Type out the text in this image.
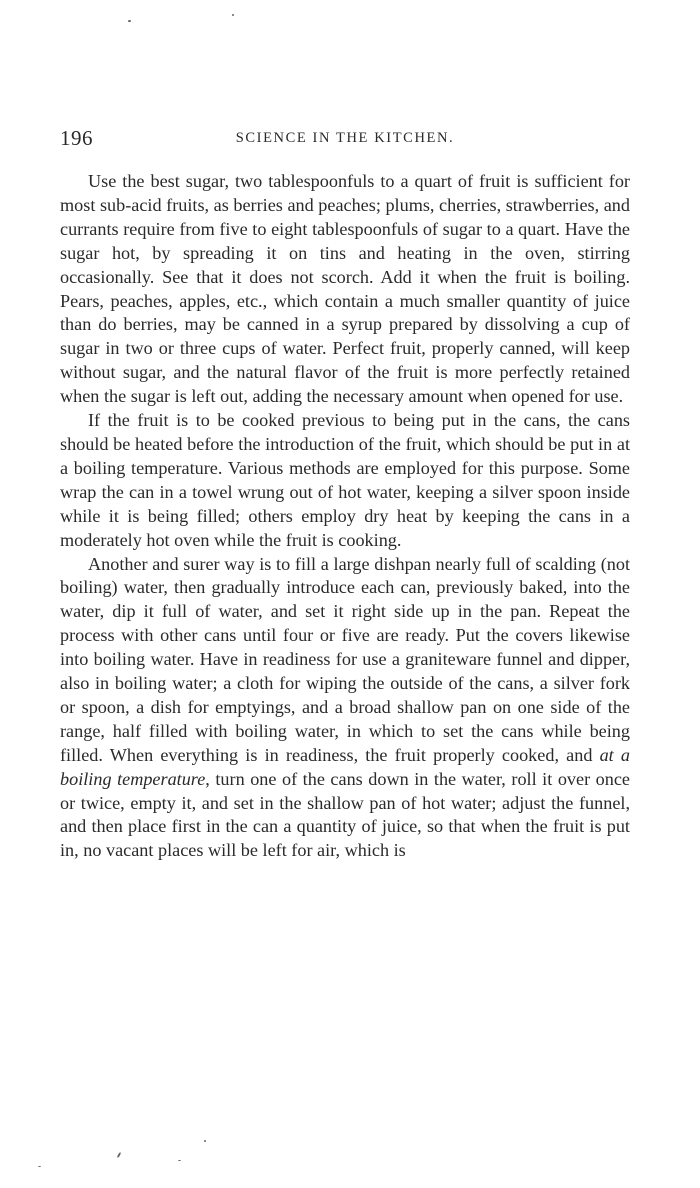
196	SCIENCE IN THE KITCHEN.

Use the best sugar, two tablespoonfuls to a quart of fruit is sufficient for most sub-acid fruits, as berries and peaches; plums, cherries, strawberries, and currants require from five to eight tablespoonfuls of sugar to a quart. Have the sugar hot, by spreading it on tins and heating in the oven, stirring occasionally. See that it does not scorch. Add it when the fruit is boiling. Pears, peaches, apples, etc., which contain a much smaller quantity of juice than do berries, may be canned in a syrup prepared by dissolving a cup of sugar in two or three cups of water. Perfect fruit, properly canned, will keep without sugar, and the natural flavor of the fruit is more perfectly retained when the sugar is left out, adding the necessary amount when opened for use.

If the fruit is to be cooked previous to being put in the cans, the cans should be heated before the introduction of the fruit, which should be put in at a boiling temperature. Various methods are employed for this purpose. Some wrap the can in a towel wrung out of hot water, keeping a silver spoon inside while it is being filled; others employ dry heat by keeping the cans in a moderately hot oven while the fruit is cooking.

Another and surer way is to fill a large dishpan nearly full of scalding (not boiling) water, then gradually introduce each can, previously baked, into the water, dip it full of water, and set it right side up in the pan. Repeat the process with other cans until four or five are ready. Put the covers likewise into boiling water. Have in readiness for use a graniteware funnel and dipper, also in boiling water; a cloth for wiping the outside of the cans, a silver fork or spoon, a dish for emptyings, and a broad shallow pan on one side of the range, half filled with boiling water, in which to set the cans while being filled. When everything is in readiness, the fruit properly cooked, and at a boiling temperature, turn one of the cans down in the water, roll it over once or twice, empty it, and set in the shallow pan of hot water; adjust the funnel, and then place first in the can a quantity of juice, so that when the fruit is put in, no vacant places will be left for air, which is
